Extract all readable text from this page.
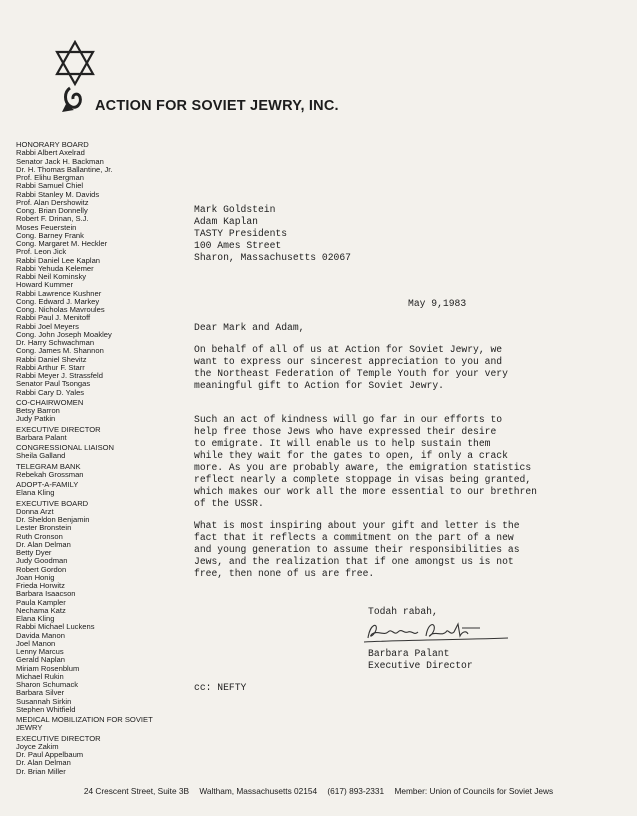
ACTION FOR SOVIET JEWRY, INC.
HONORARY BOARD
Rabbi Albert Axelrad
Senator Jack H. Backman
Dr. H. Thomas Ballantine, Jr.
Prof. Elihu Bergman
Rabbi Samuel Chiel
Rabbi Stanley M. Davids
Prof. Alan Dershowitz
Cong. Brian Donnelly
Robert F. Drinan, S.J.
Moses Feuerstein
Cong. Barney Frank
Cong. Margaret M. Heckler
Prof. Leon Jick
Rabbi Daniel Lee Kaplan
Rabbi Yehuda Kelemer
Rabbi Neil Kominsky
Howard Kummer
Rabbi Lawrence Kushner
Cong. Edward J. Markey
Cong. Nicholas Mavroules
Rabbi Paul J. Menitoff
Rabbi Joel Meyers
Cong. John Joseph Moakley
Dr. Harry Schwachman
Cong. James M. Shannon
Rabbi Daniel Shevitz
Rabbi Arthur F. Starr
Rabbi Meyer J. Strassfeld
Senator Paul Tsongas
Rabbi Cary D. Yales
CO-CHAIRWOMEN
Betsy Barron
Judy Patkin
EXECUTIVE DIRECTOR
Barbara Palant
CONGRESSIONAL LIAISON
Sheila Galland
TELEGRAM BANK
Rebekah Grossman
ADOPT-A-FAMILY
Elana Kling
EXECUTIVE BOARD
Donna Arzt
Dr. Sheldon Benjamin
Lester Bronstein
Ruth Cronson
Dr. Alan Delman
Betty Dyer
Judy Goodman
Robert Gordon
Joan Honig
Frieda Horwitz
Barbara Isaacson
Paula Kampler
Nechama Katz
Elana Kling
Rabbi Michael Luckens
Davida Manon
Joel Manon
Lenny Marcus
Gerald Naplan
Miriam Rosenblum
Michael Rukin
Sharon Schumack
Barbara Silver
Susannah Sirkin
Stephen Whitfield
MEDICAL MOBILIZATION FOR SOVIET JEWRY
EXECUTIVE DIRECTOR
Joyce Zakim
Dr. Paul Appelbaum
Dr. Alan Delman
Dr. Brian Miller
Mark Goldstein
Adam Kaplan
TASTY Presidents
100 Ames Street
Sharon, Massachusetts 02067
May 9,1983
Dear Mark and Adam,
On behalf of all of us at Action for Soviet Jewry, we
want to express our sincerest appreciation to you and
the Northeast Federation of Temple Youth for your very
meaningful gift to Action for Soviet Jewry.
Such an act of kindness will go far in our efforts to
help free those Jews who have expressed their desire
to emigrate. It will enable us to help sustain them
while they wait for the gates to open, if only a crack
more. As you are probably aware, the emigration statistics
reflect nearly a complete stoppage in visas being granted,
which makes our work all the more essential to our brethren
of the USSR.
What is most inspiring about your gift and letter is the
fact that it reflects a commitment on the part of a new
and young generation to assume their responsibilities as
Jews, and the realization that if one amongst us is not
free, then none of us are free.
Todah rabah,
Barbara Palant
Executive Director
cc: NEFTY
24 Crescent Street, Suite 3B Waltham, Massachusetts 02154 (617) 893-2331 Member: Union of Councils for Soviet Jews
